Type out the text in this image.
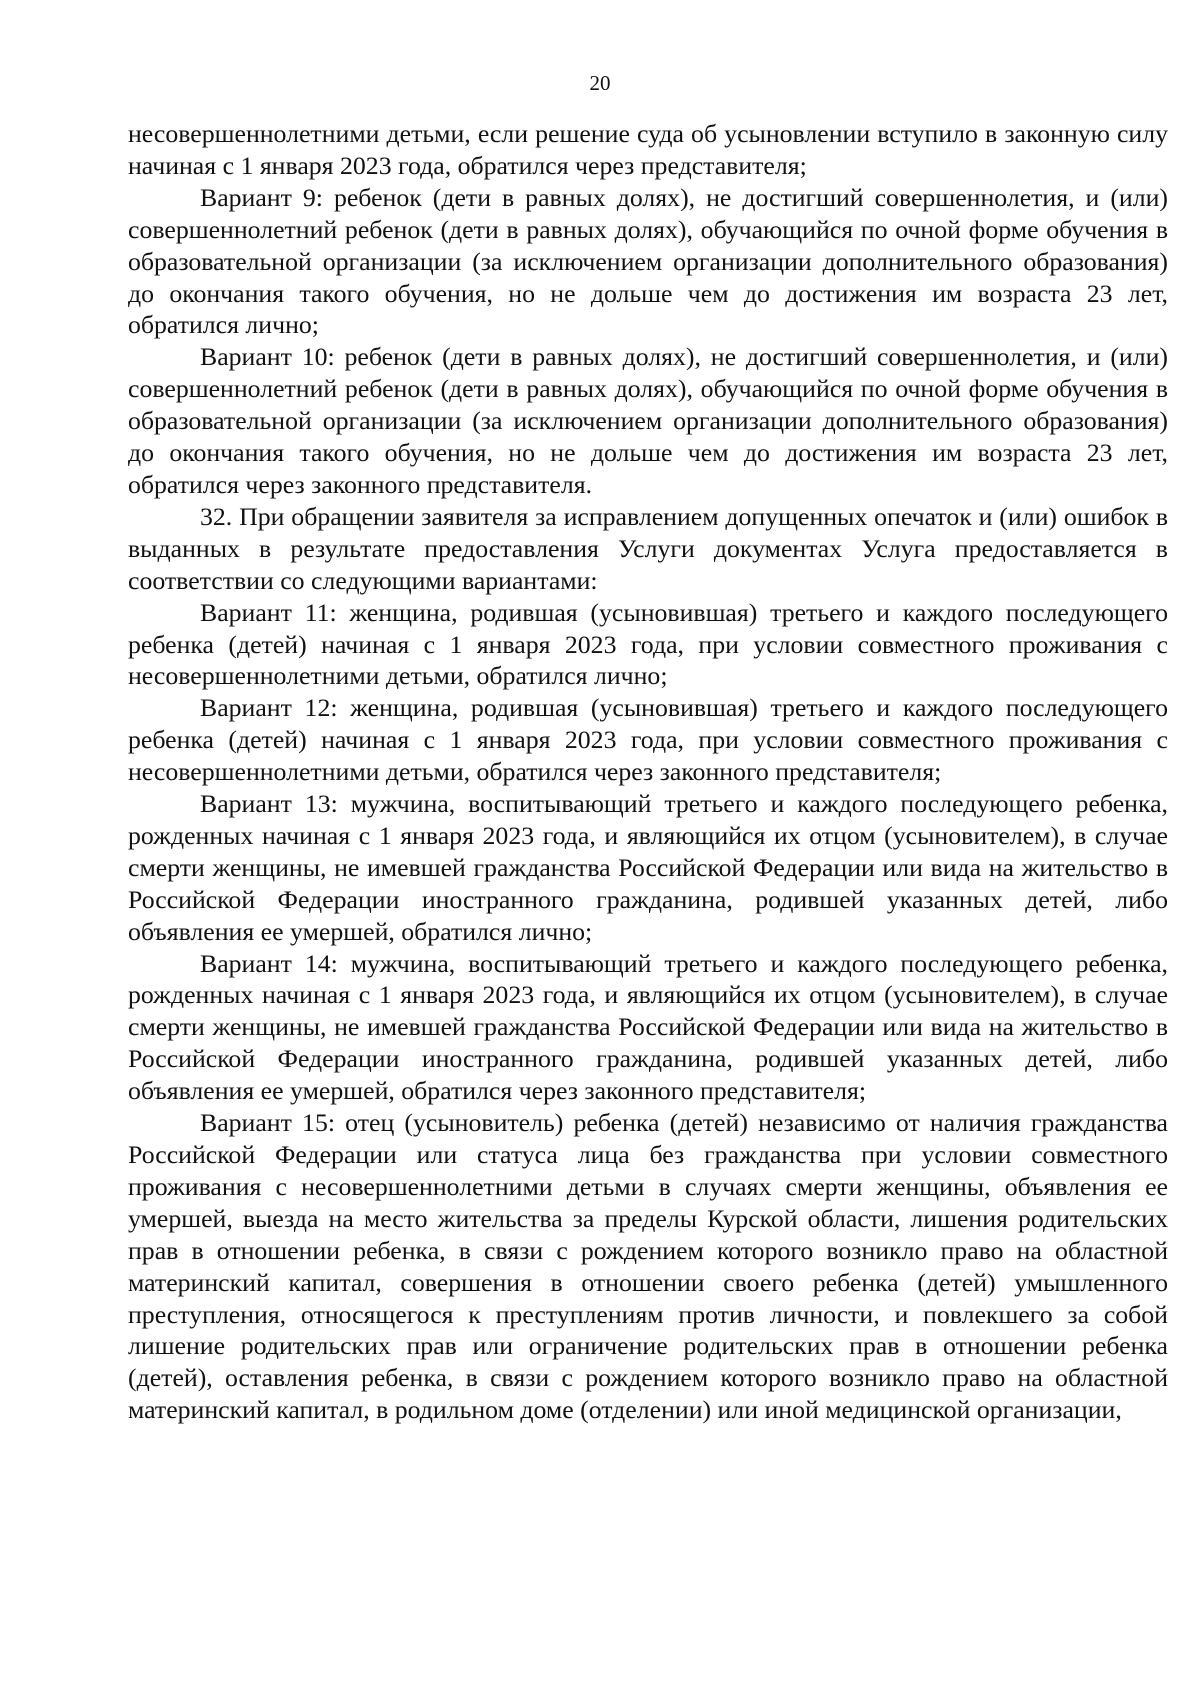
20

несовершеннолетними детьми, если решение суда об усыновлении вступило в законную силу начиная с 1 января 2023 года, обратился через представителя;

Вариант 9: ребенок (дети в равных долях), не достигший совершеннолетия, и (или) совершеннолетний ребенок (дети в равных долях), обучающийся по очной форме обучения в образовательной организации (за исключением организации дополнительного образования) до окончания такого обучения, но не дольше чем до достижения им возраста 23 лет, обратился лично;

Вариант 10: ребенок (дети в равных долях), не достигший совершеннолетия, и (или) совершеннолетний ребенок (дети в равных долях), обучающийся по очной форме обучения в образовательной организации (за исключением организации дополнительного образования) до окончания такого обучения, но не дольше чем до достижения им возраста 23 лет, обратился через законного представителя.

32. При обращении заявителя за исправлением допущенных опечаток и (или) ошибок в выданных в результате предоставления Услуги документах Услуга предоставляется в соответствии со следующими вариантами:

Вариант 11: женщина, родившая (усыновившая) третьего и каждого последующего ребенка (детей) начиная с 1 января 2023 года, при условии совместного проживания с несовершеннолетними детьми, обратился лично;

Вариант 12: женщина, родившая (усыновившая) третьего и каждого последующего ребенка (детей) начиная с 1 января 2023 года, при условии совместного проживания с несовершеннолетними детьми, обратился через законного представителя;

Вариант 13: мужчина, воспитывающий третьего и каждого последующего ребенка, рожденных начиная с 1 января 2023 года, и являющийся их отцом (усыновителем), в случае смерти женщины, не имевшей гражданства Российской Федерации или вида на жительство в Российской Федерации иностранного гражданина, родившей указанных детей, либо объявления ее умершей, обратился лично;

Вариант 14: мужчина, воспитывающий третьего и каждого последующего ребенка, рожденных начиная с 1 января 2023 года, и являющийся их отцом (усыновителем), в случае смерти женщины, не имевшей гражданства Российской Федерации или вида на жительство в Российской Федерации иностранного гражданина, родившей указанных детей, либо объявления ее умершей, обратился через законного представителя;

Вариант 15: отец (усыновитель) ребенка (детей) независимо от наличия гражданства Российской Федерации или статуса лица без гражданства при условии совместного проживания с несовершеннолетними детьми в случаях смерти женщины, объявления ее умершей, выезда на место жительства за пределы Курской области, лишения родительских прав в отношении ребенка, в связи с рождением которого возникло право на областной материнский капитал, совершения в отношении своего ребенка (детей) умышленного преступления, относящегося к преступлениям против личности, и повлекшего за собой лишение родительских прав или ограничение родительских прав в отношении ребенка (детей), оставления ребенка, в связи с рождением которого возникло право на областной материнский капитал, в родильном доме (отделении) или иной медицинской организации,
